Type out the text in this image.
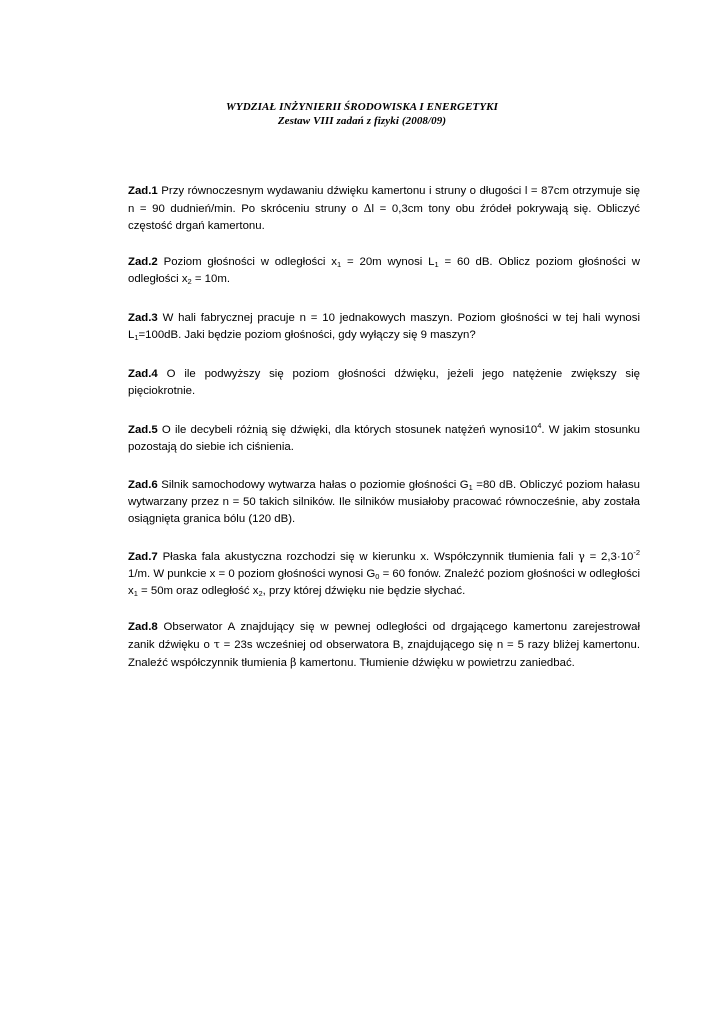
WYDZIAŁ INŻYNIERII ŚRODOWISKA I ENERGETYKI
Zestaw VIII zadań z fizyki (2008/09)
Zad.1 Przy równoczesnym wydawaniu dźwięku kamertonu i struny o długości l = 87cm otrzymuje się n = 90 dudnień/min. Po skróceniu struny o Δl = 0,3cm tony obu źródeł pokrywają się. Obliczyć częstość drgań kamertonu.
Zad.2 Poziom głośności w odległości $x_1 = 20m$ wynosi $L_1 = 60$ dB. Oblicz poziom głośności w odległości $x_2 = 10m$.
Zad.3 W hali fabrycznej pracuje n = 10 jednakowych maszyn. Poziom głośności w tej hali wynosi $L_1=100dB$. Jaki będzie poziom głośności, gdy wyłączy się 9 maszyn?
Zad.4 O ile podwyższy się poziom głośności dźwięku, jeżeli jego natężenie zwiększy się pięciokrotnie.
Zad.5 O ile decybeli różnią się dźwięki, dla których stosunek natężeń $wynosi10^4$. W jakim stosunku pozostają do siebie ich ciśnienia.
Zad.6 Silnik samochodowy wytwarza hałas o poziomie głośności $G_1 =80$ dB. Obliczyć poziom hałasu wytwarzany przez n = 50 takich silników. Ile silników musiałoby pracować równocześnie, aby została osiągnięta granica bólu (120 dB).
Zad.7 Płaska fala akustyczna rozchodzi się w kierunku x. Współczynnik tłumienia fali $\gamma = 2,3\cdot 10^{-2}$ 1/m. W punkcie x = 0 poziom głośności wynosi $G_0 = 60$ fonów. Znaleźć poziom głośności w odległości $x_1 = 50m$ oraz odległość $x_2$, przy której dźwięku nie będzie słychać.
Zad.8 Obserwator A znajdujący się w pewnej odległości od drgającego kamertonu zarejestrował zanik dźwięku o τ = 23s wcześniej od obserwatora B, znajdującego się n = 5 razy bliżej kamertonu. Znaleźć współczynnik tłumienia β kamertonu. Tłumienie dźwięku w powietrzu zaniedbać.
